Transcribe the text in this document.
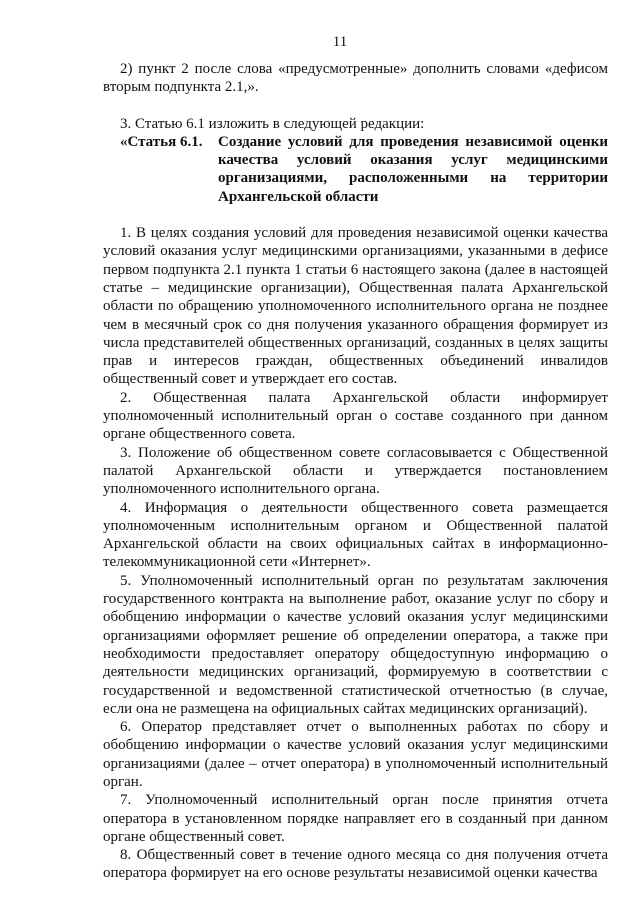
11

2) пункт 2 после слова «предусмотренные» дополнить словами «дефисом вторым подпункта 2.1,».

3. Статью 6.1 изложить в следующей редакции:

«Статья 6.1. Создание условий для проведения независимой оценки качества условий оказания услуг медицинскими организациями, расположенными на территории Архангельской области

1. В целях создания условий для проведения независимой оценки качества условий оказания услуг медицинскими организациями, указанными в дефисе первом подпункта 2.1 пункта 1 статьи 6 настоящего закона (далее в настоящей статье – медицинские организации), Общественная палата Архангельской области по обращению уполномоченного исполнительного органа не позднее чем в месячный срок со дня получения указанного обращения формирует из числа представителей общественных организаций, созданных в целях защиты прав и интересов граждан, общественных объединений инвалидов общественный совет и утверждает его состав.

2. Общественная палата Архангельской области информирует уполномоченный исполнительный орган о составе созданного при данном органе общественного совета.

3. Положение об общественном совете согласовывается с Общественной палатой Архангельской области и утверждается постановлением уполномоченного исполнительного органа.

4. Информация о деятельности общественного совета размещается уполномоченным исполнительным органом и Общественной палатой Архангельской области на своих официальных сайтах в информационно-телекоммуникационной сети «Интернет».

5. Уполномоченный исполнительный орган по результатам заключения государственного контракта на выполнение работ, оказание услуг по сбору и обобщению информации о качестве условий оказания услуг медицинскими организациями оформляет решение об определении оператора, а также при необходимости предоставляет оператору общедоступную информацию о деятельности медицинских организаций, формируемую в соответствии с государственной и ведомственной статистической отчетностью (в случае, если она не размещена на официальных сайтах медицинских организаций).

6. Оператор представляет отчет о выполненных работах по сбору и обобщению информации о качестве условий оказания услуг медицинскими организациями (далее – отчет оператора) в уполномоченный исполнительный орган.

7. Уполномоченный исполнительный орган после принятия отчета оператора в установленном порядке направляет его в созданный при данном органе общественный совет.

8. Общественный совет в течение одного месяца со дня получения отчета оператора формирует на его основе результаты независимой оценки качества
